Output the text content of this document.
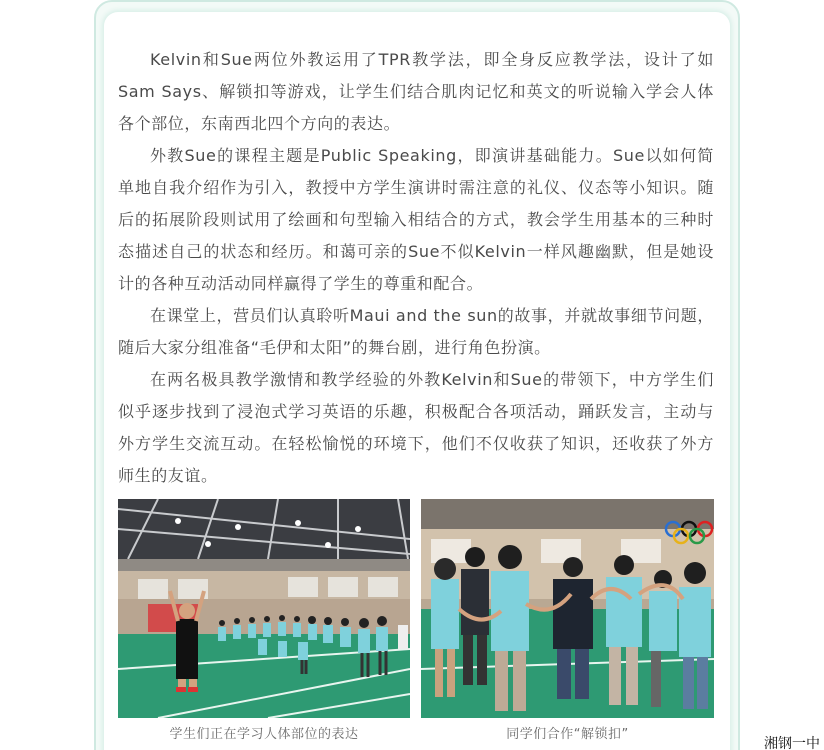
Kelvin和Sue两位外教运用了TPR教学法，即全身反应教学法，设计了如Sam Says、解锁扣等游戏，让学生们结合肌肉记忆和英文的听说输入学会人体各个部位，东南西北四个方向的表达。

外教Sue的课程主题是Public Speaking，即演讲基础能力。Sue以如何简单地自我介绍作为引入，教授中方学生演讲时需注意的礼仪、仪态等小知识。随后的拓展阶段则试用了绘画和句型输入相结合的方式，教会学生用基本的三种时态描述自己的状态和经历。和蔼可亲的Sue不似Kelvin一样风趣幽默，但是她设计的各种互动活动同样赢得了学生的尊重和配合。

在课堂上，营员们认真聆听Maui and the sun的故事，并就故事细节问题，随后大家分组准备“毛伊和太阳”的舞台剧，进行角色扮演。

在两名极具教学激情和教学经验的外教Kelvin和Sue的带领下，中方学生们似乎逐步找到了浸泡式学习英语的乐趣，积极配合各项活动，踊跃发言，主动与外方学生交流互动。在轻松愉悦的环境下，他们不仅收获了知识，还收获了外方师生的友谊。

学生们正在学习人体部位的表达	同学们合作“解锁扣”
湘钢一中
